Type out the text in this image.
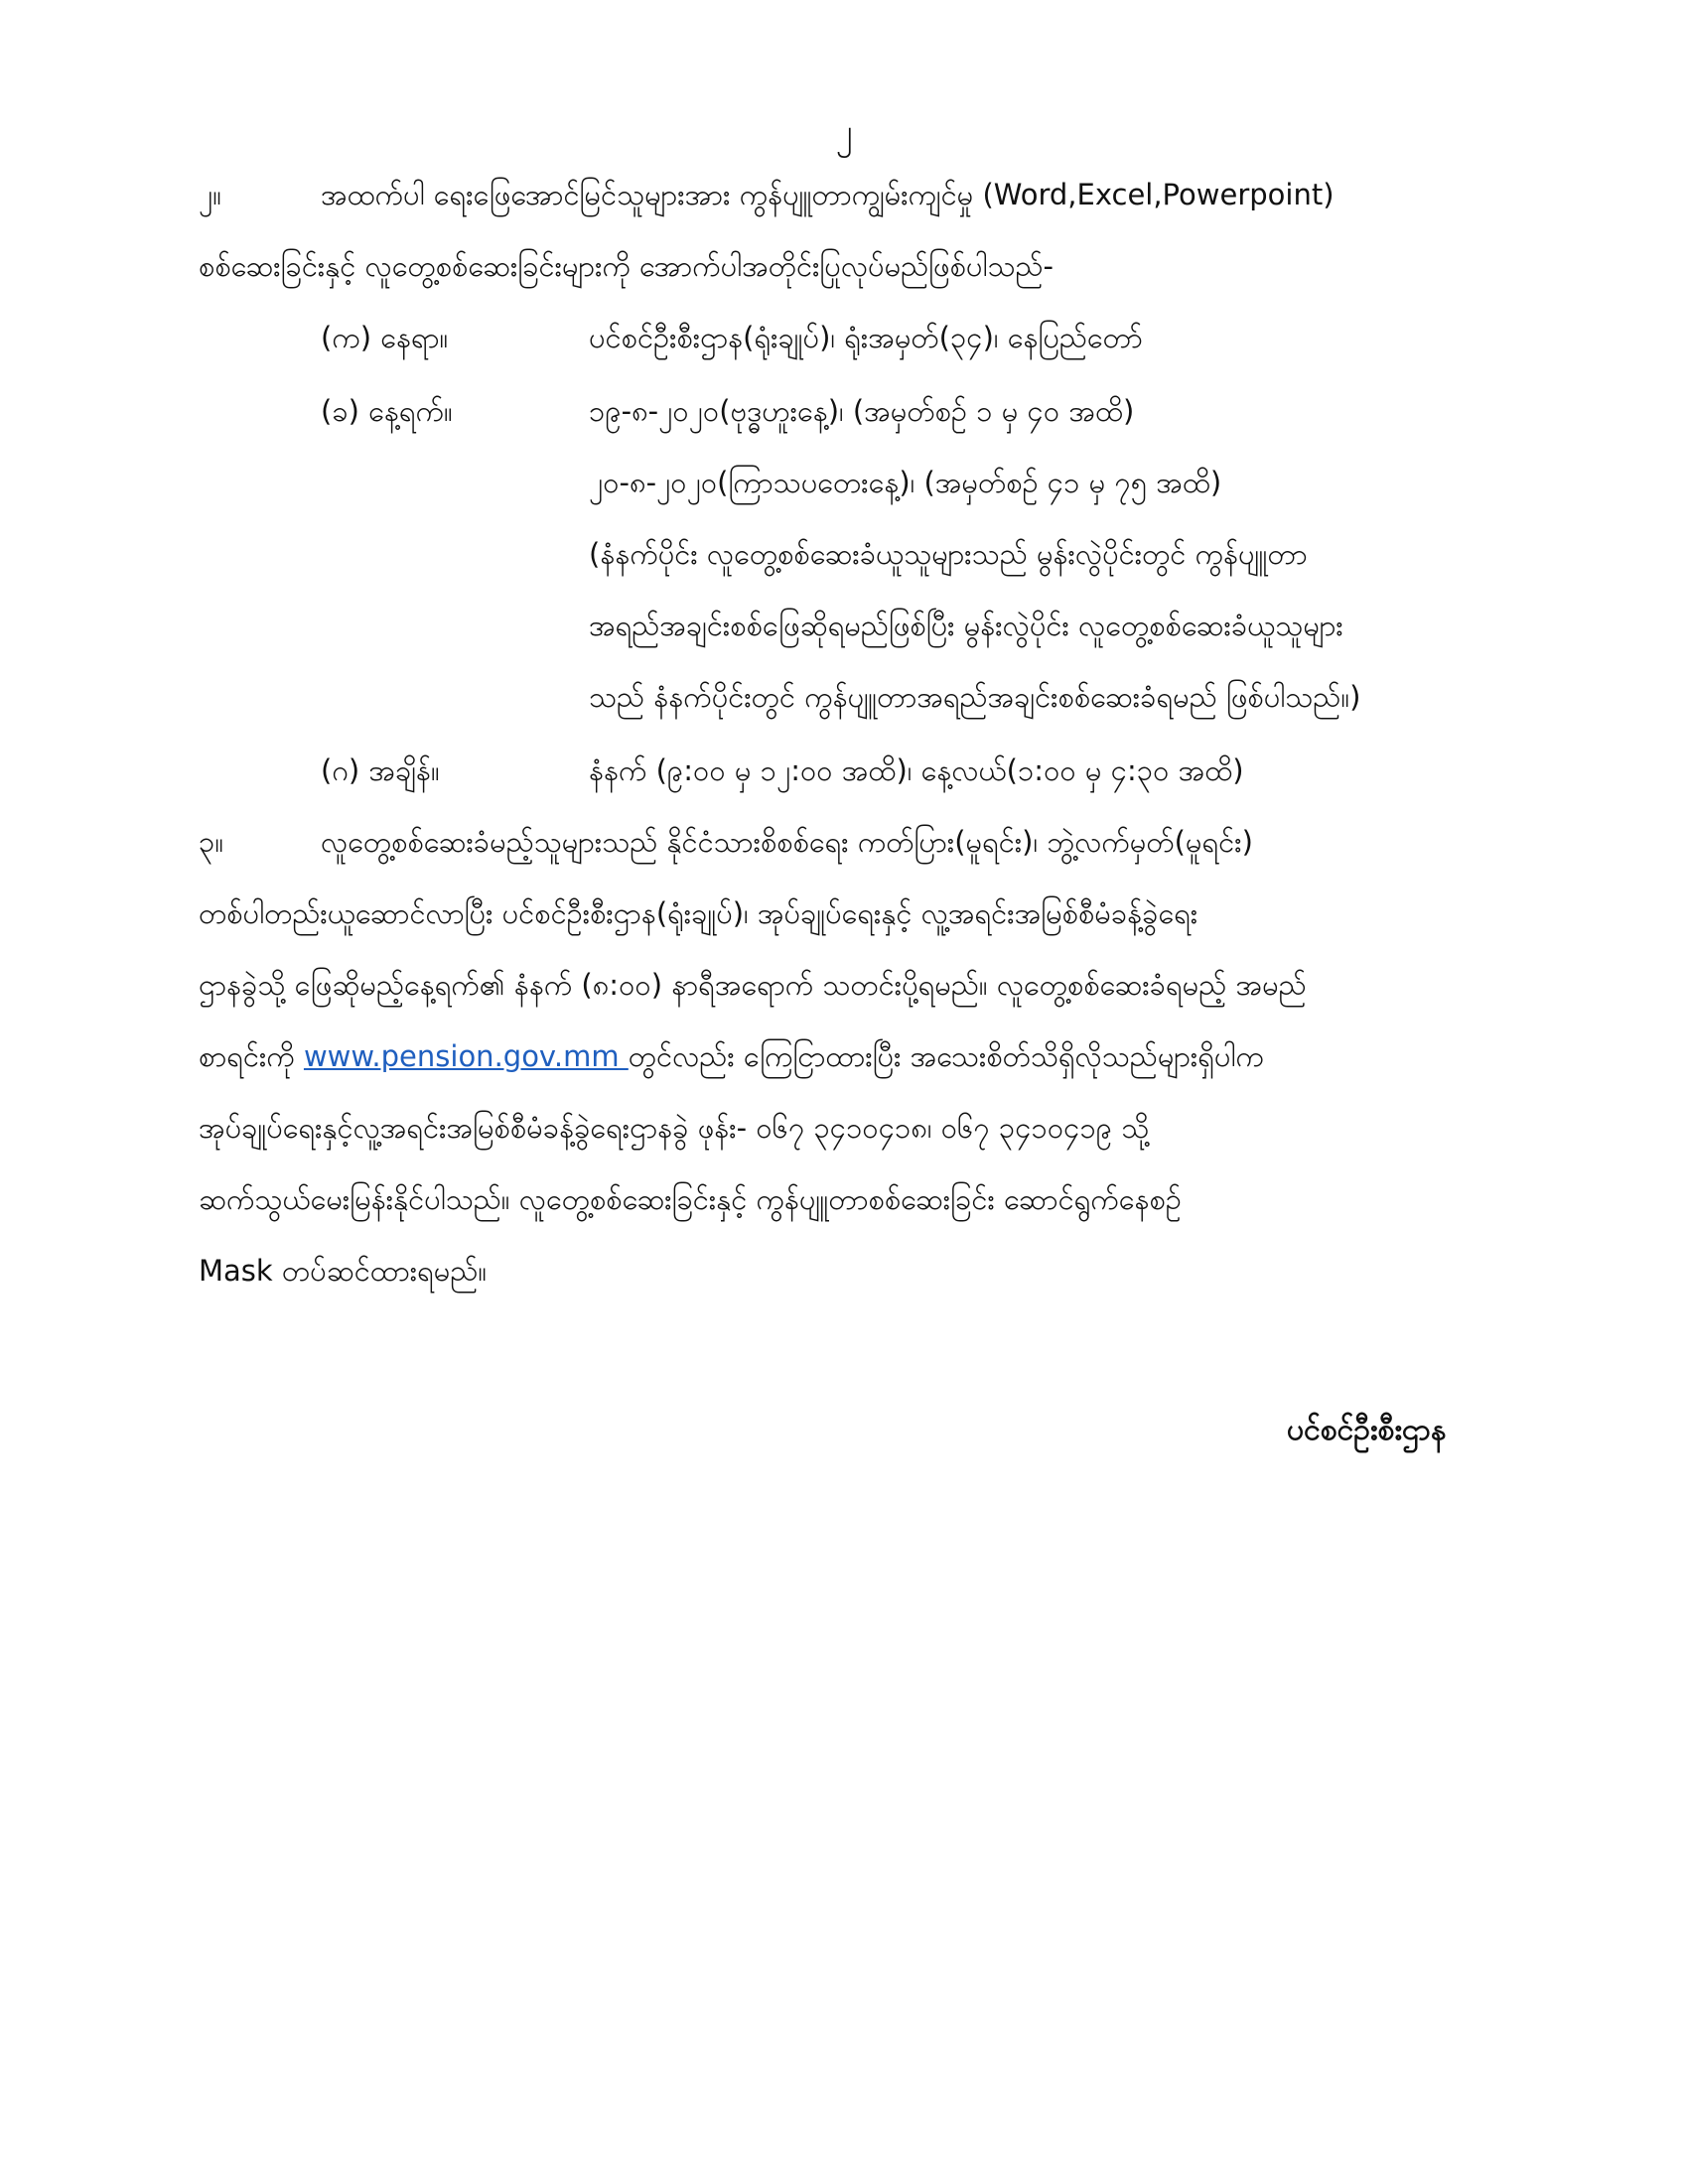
၂
၂။	အထက်ပါ ရေးဖြေအောင်မြင်သူများအား ကွန်ပျူတာကျွမ်းကျင်မှု (Word,Excel,Powerpoint)
စစ်ဆေးခြင်းနှင့် လူတွေ့စစ်ဆေးခြင်းများကို အောက်ပါအတိုင်းပြုလုပ်မည်ဖြစ်ပါသည်-
(က) နေရာ။	ပင်စင်ဦးစီးဌာန(ရုံးချုပ်)၊ ရုံးအမှတ်(၃၄)၊ နေပြည်တော်
(ခ) နေ့ရက်။	၁၉-၈-၂၀၂၀(ဗုဒ္ဓဟူးနေ့)၊ (အမှတ်စဉ် ၁ မှ ၄၀ အထိ)
၂၀-၈-၂၀၂၀(ကြာသပတေးနေ့)၊ (အမှတ်စဉ် ၄၁ မှ ၇၅ အထိ)
(နံနက်ပိုင်း လူတွေ့စစ်ဆေးခံယူသူများသည် မွန်းလွဲပိုင်းတွင် ကွန်ပျူတာ
အရည်အချင်းစစ်ဖြေဆိုရမည်ဖြစ်ပြီး မွန်းလွဲပိုင်း လူတွေ့စစ်ဆေးခံယူသူများ
သည် နံနက်ပိုင်းတွင် ကွန်ပျူတာအရည်အချင်းစစ်ဆေးခံရမည် ဖြစ်ပါသည်။)
(ဂ) အချိန်။	နံနက် (၉:၀၀ မှ ၁၂:၀၀ အထိ)၊ နေ့လယ်(၁:၀၀ မှ ၄:၃၀ အထိ)
၃။	လူတွေ့စစ်ဆေးခံမည့်သူများသည် နိုင်ငံသားစိစစ်ရေး ကတ်ပြား(မူရင်း)၊ ဘွဲ့လက်မှတ်(မူရင်း)
တစ်ပါတည်းယူဆောင်လာပြီး ပင်စင်ဦးစီးဌာန(ရုံးချုပ်)၊ အုပ်ချုပ်ရေးနှင့် လူ့အရင်းအမြစ်စီမံခန့်ခွဲရေး
ဌာနခွဲသို့ ဖြေဆိုမည့်နေ့ရက်၏ နံနက် (၈:၀၀) နာရီအရောက် သတင်းပို့ရမည်။ လူတွေ့စစ်ဆေးခံရမည့် အမည်
စာရင်းကို www.pension.gov.mm တွင်လည်း ကြေငြာထားပြီး အသေးစိတ်သိရှိလိုသည်များရှိပါက
အုပ်ချုပ်ရေးနှင့်လူ့အရင်းအမြစ်စီမံခန့်ခွဲရေးဌာနခွဲ ဖုန်း- ၀၆၇ ၃၄၁၀၄၁၈၊ ၀၆၇ ၃၄၁၀၄၁၉ သို့
ဆက်သွယ်မေးမြန်းနိုင်ပါသည်။ လူတွေ့စစ်ဆေးခြင်းနှင့် ကွန်ပျူတာစစ်ဆေးခြင်း ဆောင်ရွက်နေစဉ်
Mask တပ်ဆင်ထားရမည်။
ပင်စင်ဦးစီးဌာန
